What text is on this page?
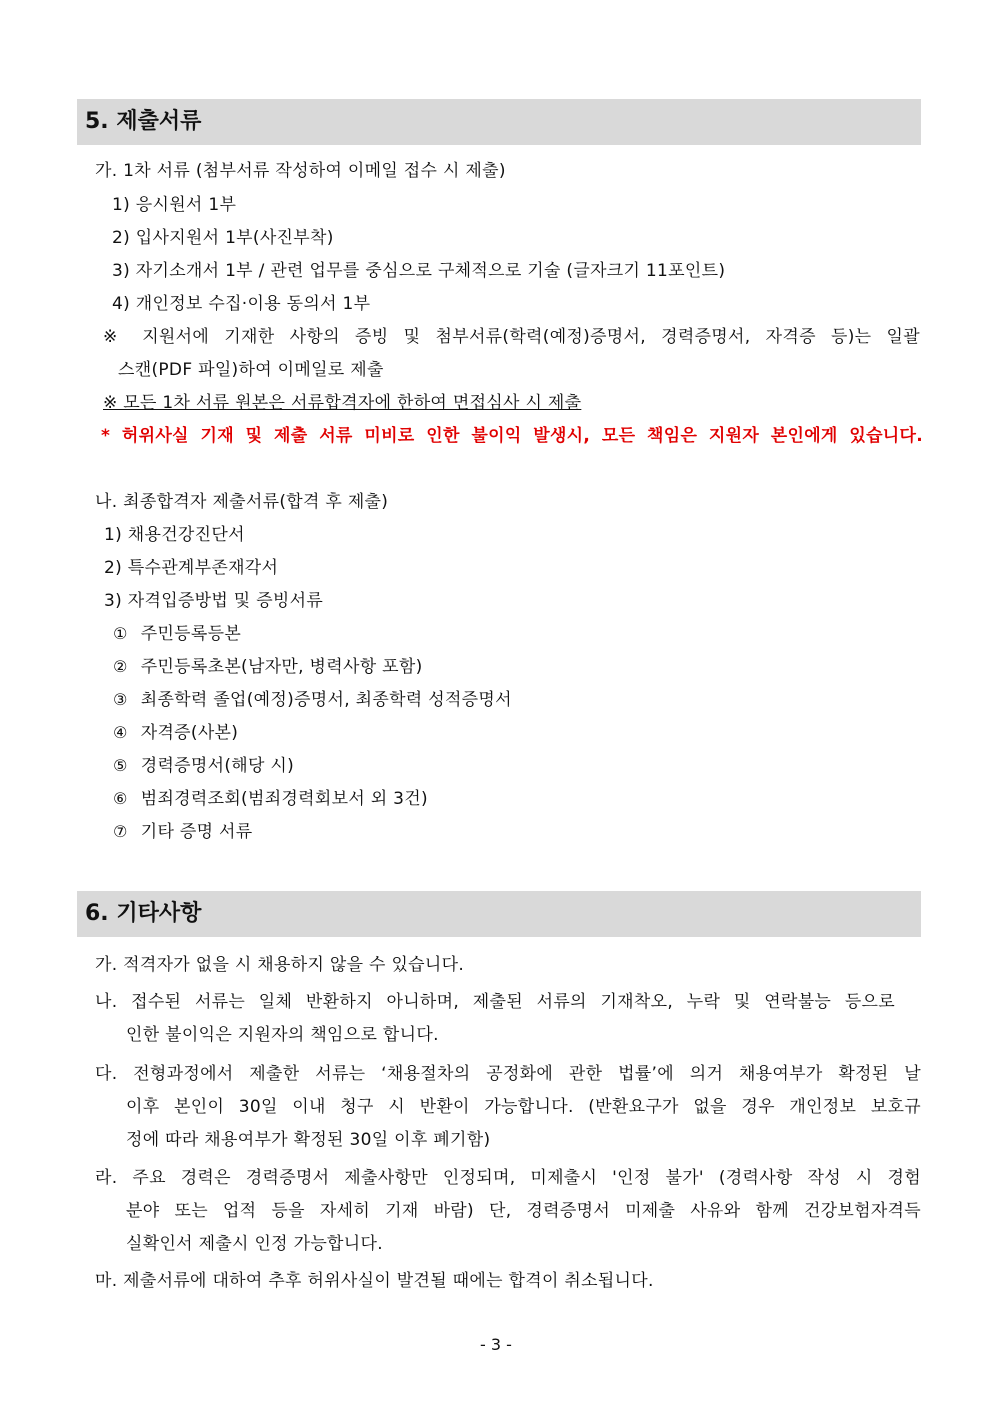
5. 제출서류
가. 1차 서류 (첨부서류 작성하여 이메일 접수 시 제출)
1) 응시원서 1부
2) 입사지원서 1부(사진부착)
3) 자기소개서 1부 / 관련 업무를 중심으로 구체적으로 기술 (글자크기 11포인트)
4) 개인정보 수집·이용 동의서 1부
※ 지원서에 기재한 사항의 증빙 및 첨부서류(학력(예정)증명서, 경력증명서, 자격증 등)는 일괄
스캔(PDF 파일)하여 이메일로 제출
※ 모든 1차 서류 원본은 서류합격자에 한하여 면접심사 시 제출
* 허위사실 기재 및 제출 서류 미비로 인한 불이익 발생시, 모든 책임은 지원자 본인에게 있습니다.
나. 최종합격자 제출서류(합격 후 제출)
1) 채용건강진단서
2) 특수관계부존재각서
3) 자격입증방법 및 증빙서류
① 주민등록등본
② 주민등록초본(남자만, 병력사항 포함)
③ 최종학력 졸업(예정)증명서, 최종학력 성적증명서
④ 자격증(사본)
⑤ 경력증명서(해당 시)
⑥ 범죄경력조회(범죄경력회보서 외 3건)
⑦ 기타 증명 서류
6. 기타사항
가. 적격자가 없을 시 채용하지 않을 수 있습니다.
나. 접수된 서류는 일체 반환하지 아니하며, 제출된 서류의 기재착오, 누락 및 연락불능 등으로
인한 불이익은 지원자의 책임으로 합니다.
다. 전형과정에서 제출한 서류는 ‘채용절차의 공정화에 관한 법률’에 의거 채용여부가 확정된 날
이후 본인이 30일 이내 청구 시 반환이 가능합니다. (반환요구가 없을 경우 개인정보 보호규
정에 따라 채용여부가 확정된 30일 이후 폐기함)
라. 주요 경력은 경력증명서 제출사항만 인정되며, 미제출시 '인정 불가' (경력사항 작성 시 경험
분야 또는 업적 등을 자세히 기재 바람) 단, 경력증명서 미제출 사유와 함께 건강보험자격득
실확인서 제출시 인정 가능합니다.
마. 제출서류에 대하여 추후 허위사실이 발견될 때에는 합격이 취소됩니다.
- 3 -
